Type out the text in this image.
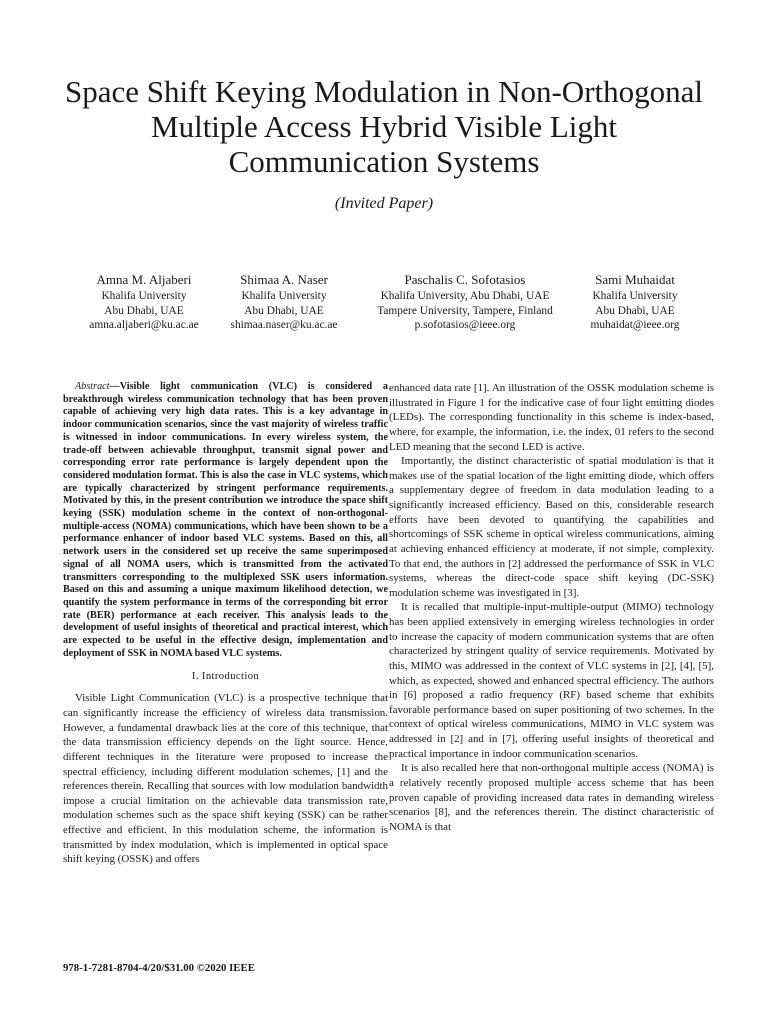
Space Shift Keying Modulation in Non-Orthogonal
Multiple Access Hybrid Visible Light
Communication Systems
(Invited Paper)
Amna M. Aljaberi
Khalifa University
Abu Dhabi, UAE
amna.aljaberi@ku.ac.ae
Shimaa A. Naser
Khalifa University
Abu Dhabi, UAE
shimaa.naser@ku.ac.ae
Paschalis C. Sofotasios
Khalifa University, Abu Dhabi, UAE
Tampere University, Tampere, Finland
p.sofotasios@ieee.org
Sami Muhaidat
Khalifa University
Abu Dhabi, UAE
muhaidat@ieee.org

Abstract—Visible light communication (VLC) is considered a breakthrough wireless communication technology that has been proven capable of achieving very high data rates. This is a key advantage in indoor communication scenarios, since the vast majority of wireless traffic is witnessed in indoor communications. In every wireless system, the trade-off between achievable throughput, transmit signal power and corresponding error rate performance is largely dependent upon the considered modulation format. This is also the case in VLC systems, which are typically characterized by stringent performance requirements. Motivated by this, in the present contribution we introduce the space shift keying (SSK) modulation scheme in the context of non-orthogonal-multiple-access (NOMA) communications, which have been shown to be a performance enhancer of indoor based VLC systems. Based on this, all network users in the considered set up receive the same superimposed signal of all NOMA users, which is transmitted from the activated transmitters corresponding to the multiplexed SSK users information. Based on this and assuming a unique maximum likelihood detection, we quantify the system performance in terms of the corresponding bit error rate (BER) performance at each receiver. This analysis leads to the development of useful insights of theoretical and practical interest, which are expected to be useful in the effective design, implementation and deployment of SSK in NOMA based VLC systems.

I. Introduction

Visible Light Communication (VLC) is a prospective technique that can significantly increase the efficiency of wireless data transmission. However, a fundamental drawback lies at the core of this technique, that the data transmission efficiency depends on the light source. Hence, different techniques in the literature were proposed to increase the spectral efficiency, including different modulation schemes, [1] and the references therein. Recalling that sources with low modulation bandwidth impose a crucial limitation on the achievable data transmission rate, modulation schemes such as the space shift keying (SSK) can be rather effective and efficient. In this modulation scheme, the information is transmitted by index modulation, which is implemented in optical space shift keying (OSSK) and offers

enhanced data rate [1]. An illustration of the OSSK modulation scheme is illustrated in Figure 1 for the indicative case of four light emitting diodes (LEDs). The corresponding functionality in this scheme is index-based, where, for example, the information, i.e. the index, 01 refers to the second LED meaning that the second LED is active.

Importantly, the distinct characteristic of spatial modulation is that it makes use of the spatial location of the light emitting diode, which offers a supplementary degree of freedom in data modulation leading to a significantly increased efficiency. Based on this, considerable research efforts have been devoted to quantifying the capabilities and shortcomings of SSK scheme in optical wireless communications, aiming at achieving enhanced efficiency at moderate, if not simple, complexity. To that end, the authors in [2] addressed the performance of SSK in VLC systems, whereas the direct-code space shift keying (DC-SSK) modulation scheme was investigated in [3].

It is recalled that multiple-input-multiple-output (MIMO) technology has been applied extensively in emerging wireless technologies in order to increase the capacity of modern communication systems that are often characterized by stringent quality of service requirements. Motivated by this, MIMO was addressed in the context of VLC systems in [2], [4], [5], which, as expected, showed and enhanced spectral efficiency. The authors in [6] proposed a radio frequency (RF) based scheme that exhibits favorable performance based on super positioning of two schemes. In the context of optical wireless communications, MIMO in VLC system was addressed in [2] and in [7], offering useful insights of theoretical and practical importance in indoor communication scenarios.

It is also recalled here that non-orthogonal multiple access (NOMA) is a relatively recently proposed multiple access scheme that has been proven capable of providing increased data rates in demanding wireless scenarios [8], and the references therein. The distinct characteristic of NOMA is that

978-1-7281-8704-4/20/$31.00 ©2020 IEEE
